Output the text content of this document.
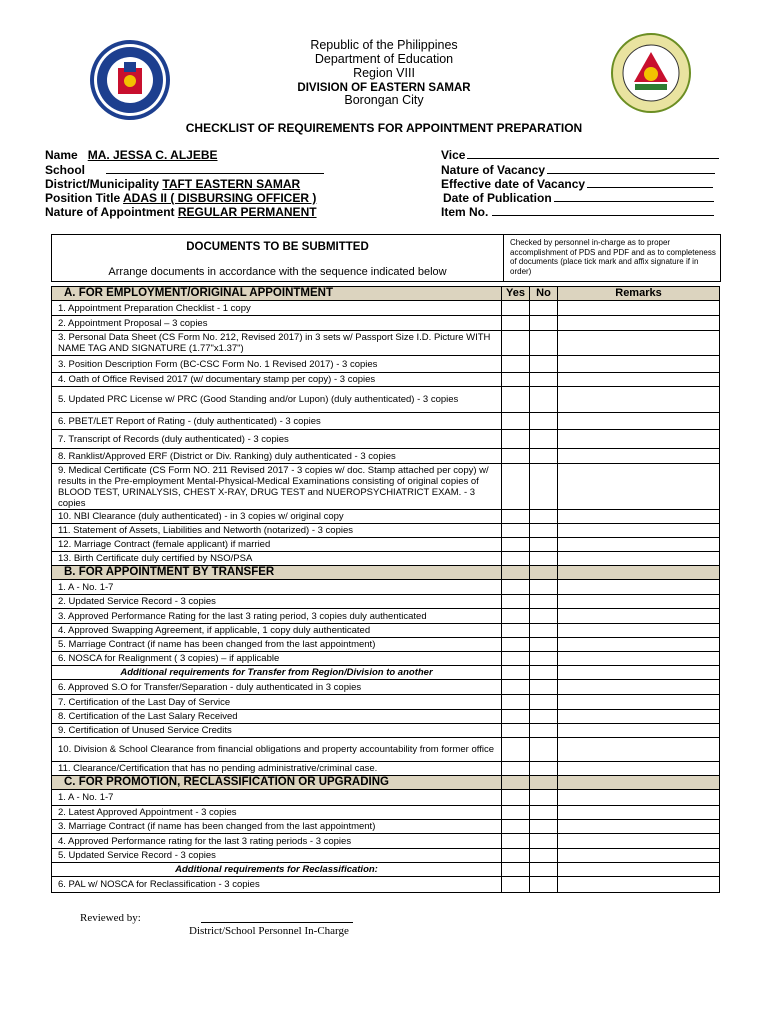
Republic of the Philippines
Department of Education
Region VIII
DIVISION OF EASTERN SAMAR
Borongan City
CHECKLIST OF REQUIREMENTS FOR APPOINTMENT PREPARATION
Name MA. JESSA C. ALJEBE
School
District/Municipality TAFT EASTERN SAMAR
Position Title ADAS II ( DISBURSING OFFICER )
Nature of Appointment REGULAR PERMANENT
Vice
Nature of Vacancy
Effective date of Vacancy
Date of Publication
Item No.
DOCUMENTS TO BE SUBMITTED
Arrange documents in accordance with the sequence indicated below
Checked by personnel in-charge as to proper accomplishment of PDS and PDF and as to completeness of documents (place tick mark and affix signature if in order)
A. FOR EMPLOYMENT/ORIGINAL APPOINTMENT	Yes	No	Remarks
1. Appointment Preparation Checklist - 1 copy			
2. Appointment Proposal – 3 copies			
3. Personal Data Sheet (CS Form No. 212, Revised 2017) in 3 sets w/ Passport Size I.D. Picture WITH NAME TAG AND SIGNATURE (1.77"x1.37")			
3. Position Description Form (BC-CSC Form No. 1 Revised 2017) - 3 copies			
4. Oath of Office Revised 2017 (w/ documentary stamp per copy) - 3 copies			
5. Updated PRC License w/ PRC (Good Standing and/or Lupon) (duly authenticated) - 3 copies			
6. PBET/LET Report of Rating - (duly authenticated) - 3 copies			
7. Transcript of Records (duly authenticated) - 3 copies			
8. Ranklist/Approved ERF (District or Div. Ranking) duly authenticated - 3 copies			
9. Medical Certificate (CS Form NO. 211 Revised 2017 - 3 copies w/ doc. Stamp attached per copy) w/ results in the Pre-employment Mental-Physical-Medical Examinations consisting of original copies of BLOOD TEST, URINALYSIS, CHEST X-RAY, DRUG TEST and NUEROPSYCHIATRICT EXAM. - 3 copies			
10. NBI Clearance (duly authenticated) - in 3 copies w/ original copy			
11. Statement of Assets, Liabilities and Networth (notarized) - 3 copies			
12. Marriage Contract (female applicant) if married			
13. Birth Certificate duly certified by NSO/PSA			
B. FOR APPOINTMENT BY TRANSFER			
1. A - No. 1-7			
2. Updated Service Record - 3 copies			
3. Approved Performance Rating for the last 3 rating period, 3 copies duly authenticated			
4. Approved Swapping Agreement, if applicable, 1 copy duly authenticated			
5. Marriage Contract (if name has been changed from the last appointment)			
6. NOSCA for Realignment ( 3 copies) – if applicable			
Additional requirements for Transfer from Region/Division to another			
6. Approved S.O for Transfer/Separation - duly authenticated in 3 copies			
7. Certification of the Last Day of Service			
8. Certification of the Last Salary Received			
9. Certification of Unused Service Credits			
10. Division & School Clearance from financial obligations and property accountability from former office			
11. Clearance/Certification that has no pending administrative/criminal case.			
C. FOR PROMOTION, RECLASSIFICATION OR UPGRADING			
1. A - No. 1-7			
2. Latest Approved Appointment - 3 copies			
3. Marriage Contract (if name has been changed from the last appointment)			
4. Approved Performance rating for the last 3 rating periods - 3 copies			
5. Updated Service Record - 3 copies			
Additional requirements for Reclassification:			
6. PAL w/ NOSCA for Reclassification - 3 copies			
Reviewed by:
District/School Personnel In-Charge
